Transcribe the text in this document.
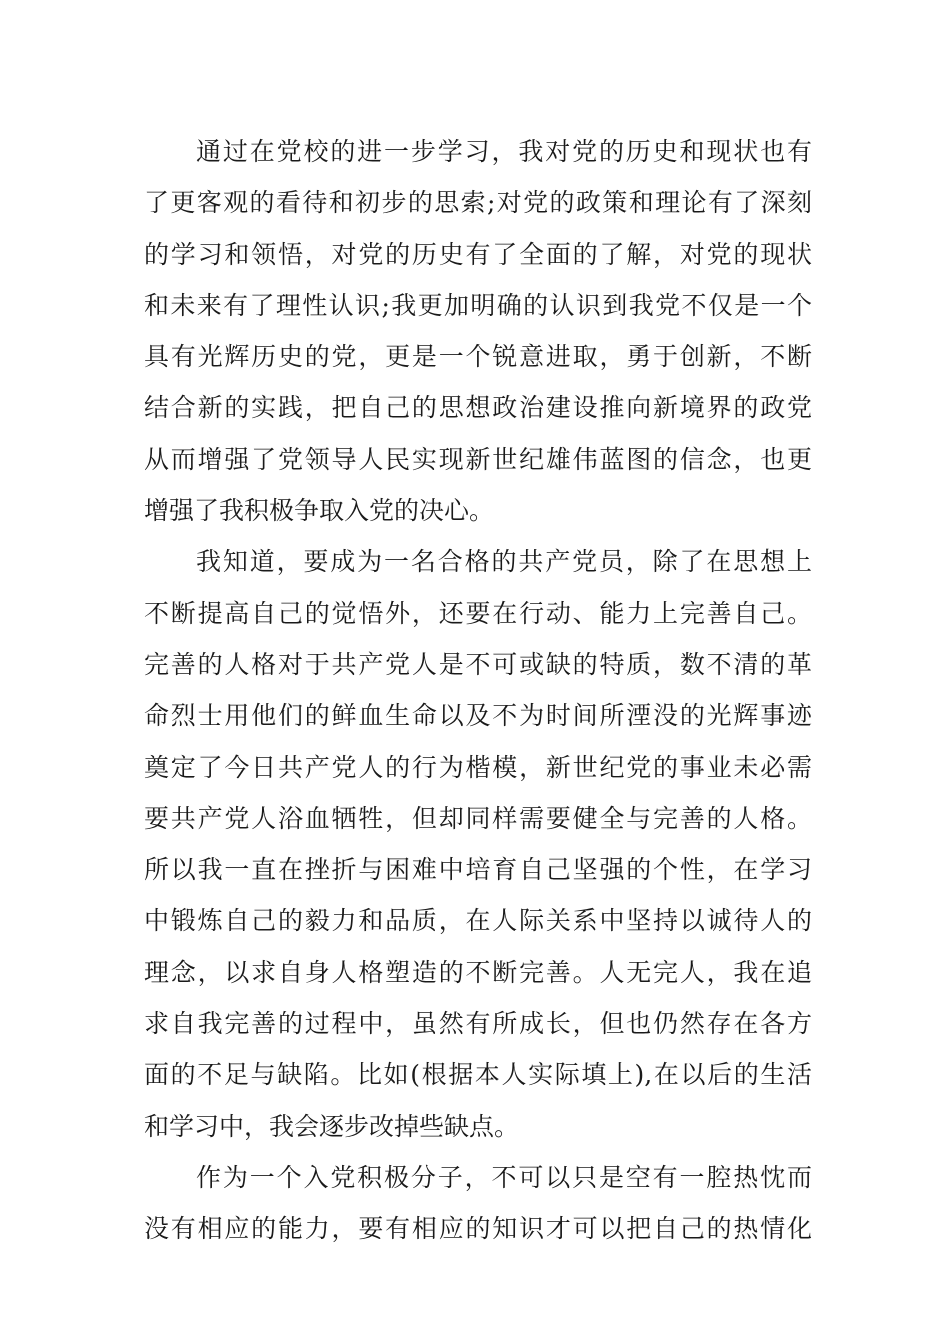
通过在党校的进一步学习，我对党的历史和现状也有
了更客观的看待和初步的思索;对党的政策和理论有了深刻
的学习和领悟，对党的历史有了全面的了解，对党的现状
和未来有了理性认识;我更加明确的认识到我党不仅是一个
具有光辉历史的党，更是一个锐意进取，勇于创新，不断
结合新的实践，把自己的思想政治建设推向新境界的政党
从而增强了党领导人民实现新世纪雄伟蓝图的信念，也更
增强了我积极争取入党的决心。
我知道，要成为一名合格的共产党员，除了在思想上
不断提高自己的觉悟外，还要在行动、能力上完善自己。
完善的人格对于共产党人是不可或缺的特质，数不清的革
命烈士用他们的鲜血生命以及不为时间所湮没的光辉事迹
奠定了今日共产党人的行为楷模，新世纪党的事业未必需
要共产党人浴血牺牲，但却同样需要健全与完善的人格。
所以我一直在挫折与困难中培育自己坚强的个性，在学习
中锻炼自己的毅力和品质，在人际关系中坚持以诚待人的
理念，以求自身人格塑造的不断完善。人无完人，我在追
求自我完善的过程中，虽然有所成长，但也仍然存在各方
面的不足与缺陷。比如(根据本人实际填上),在以后的生活
和学习中，我会逐步改掉些缺点。
作为一个入党积极分子，不可以只是空有一腔热忱而
没有相应的能力，要有相应的知识才可以把自己的热情化
